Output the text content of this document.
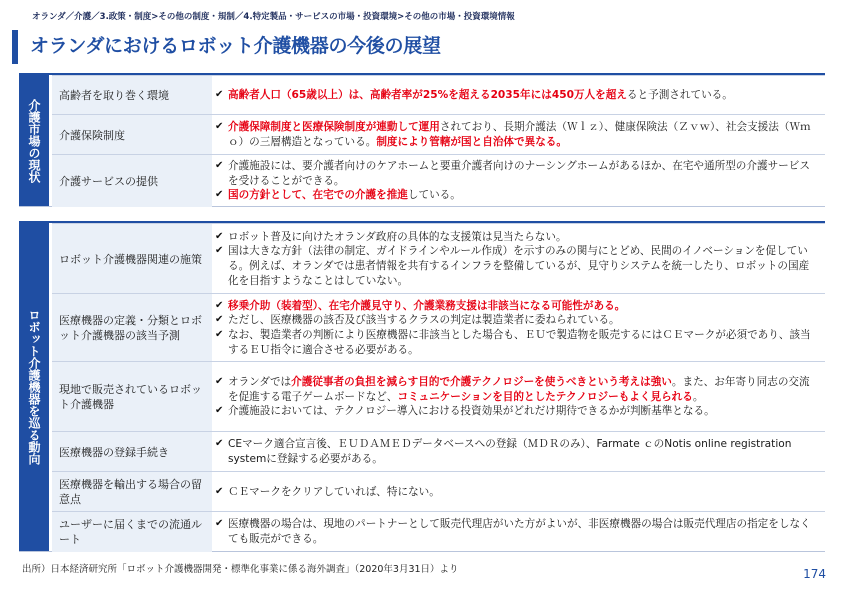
オランダ／介護／3.政策・制度>その他の制度・規制／4.特定製品・サービスの市場・投資環境>その他の市場・投資環境情報
オランダにおけるロボット介護機器の今後の展望
介護市場の現状
高齢者を取り巻く環境
✔	高齢者人口（65歳以上）は、高齢者率が25%を超える2035年には450万人を超えると予測されている。
介護保険制度
✔ 介護保障制度と医療保険制度が連動して運用されており、長期介護法（Ｗｌｚ）、健康保険法（Ｚｖｗ）、社会支援法（Ｗｍｏ）の三層構造となっている。制度により管轄が国と自治体で異なる。
介護サービスの提供
✔ 介護施設には、要介護者向けのケアホームと要重介護者向けのナーシングホームがあるほか、在宅や通所型の介護サービスを受けることができる。
✔ 国の方針として、在宅での介護を推進している。
ロボット介護機器を巡る動向
ロボット介護機器関連の施策
✔ ロボット普及に向けたオランダ政府の具体的な支援策は見当たらない。
✔ 国は大きな方針（法律の制定、ガイドラインやルール作成）を示すのみの関与にとどめ、民間のイノベーションを促している。例えば、オランダでは患者情報を共有するインフラを整備しているが、見守りシステムを統一したり、ロボットの国産化を目指すようなことはしていない。
医療機器の定義・分類とロボット介護機器の該当予測
✔ 移乗介助（装着型）、在宅介護見守り、介護業務支援は非該当になる可能性がある。
✔ ただし、医療機器の該否及び該当するクラスの判定は製造業者に委ねられている。
✔ なお、製造業者の判断により医療機器に非該当とした場合も、ＥＵで製造物を販売するにはＣＥマークが必須であり、該当するＥＵ指令に適合させる必要がある。
現地で販売されているロボット介護機器
✔ オランダでは介護従事者の負担を減らす目的で介護テクノロジーを使うべきという考えは強い。また、お年寄り同志の交流を促進する電子ゲームボードなど、コミュニケーションを目的としたテクノロジーもよく見られる。
✔ 介護施設においては、テクノロジー導入における投資効果がどれだけ期待できるかが判断基準となる。
医療機器の登録手続き
✔ CEマーク適合宣言後、ＥＵＤＡＭＥＤデータベースへの登録（ＭＤＲのみ）、Farmate ｃのNotis online registration systemに登録する必要がある。
医療機器を輸出する場合の留意点
✔ ＣＥマークをクリアしていれば、特にない。
ユーザーに届くまでの流通ルート
✔ 医療機器の場合は、現地のパートナーとして販売代理店がいた方がよいが、非医療機器の場合は販売代理店の指定をしなくても販売ができる。
出所）日本経済研究所「ロボット介護機器開発・標準化事業に係る海外調査」（2020年3月31日）より	174
